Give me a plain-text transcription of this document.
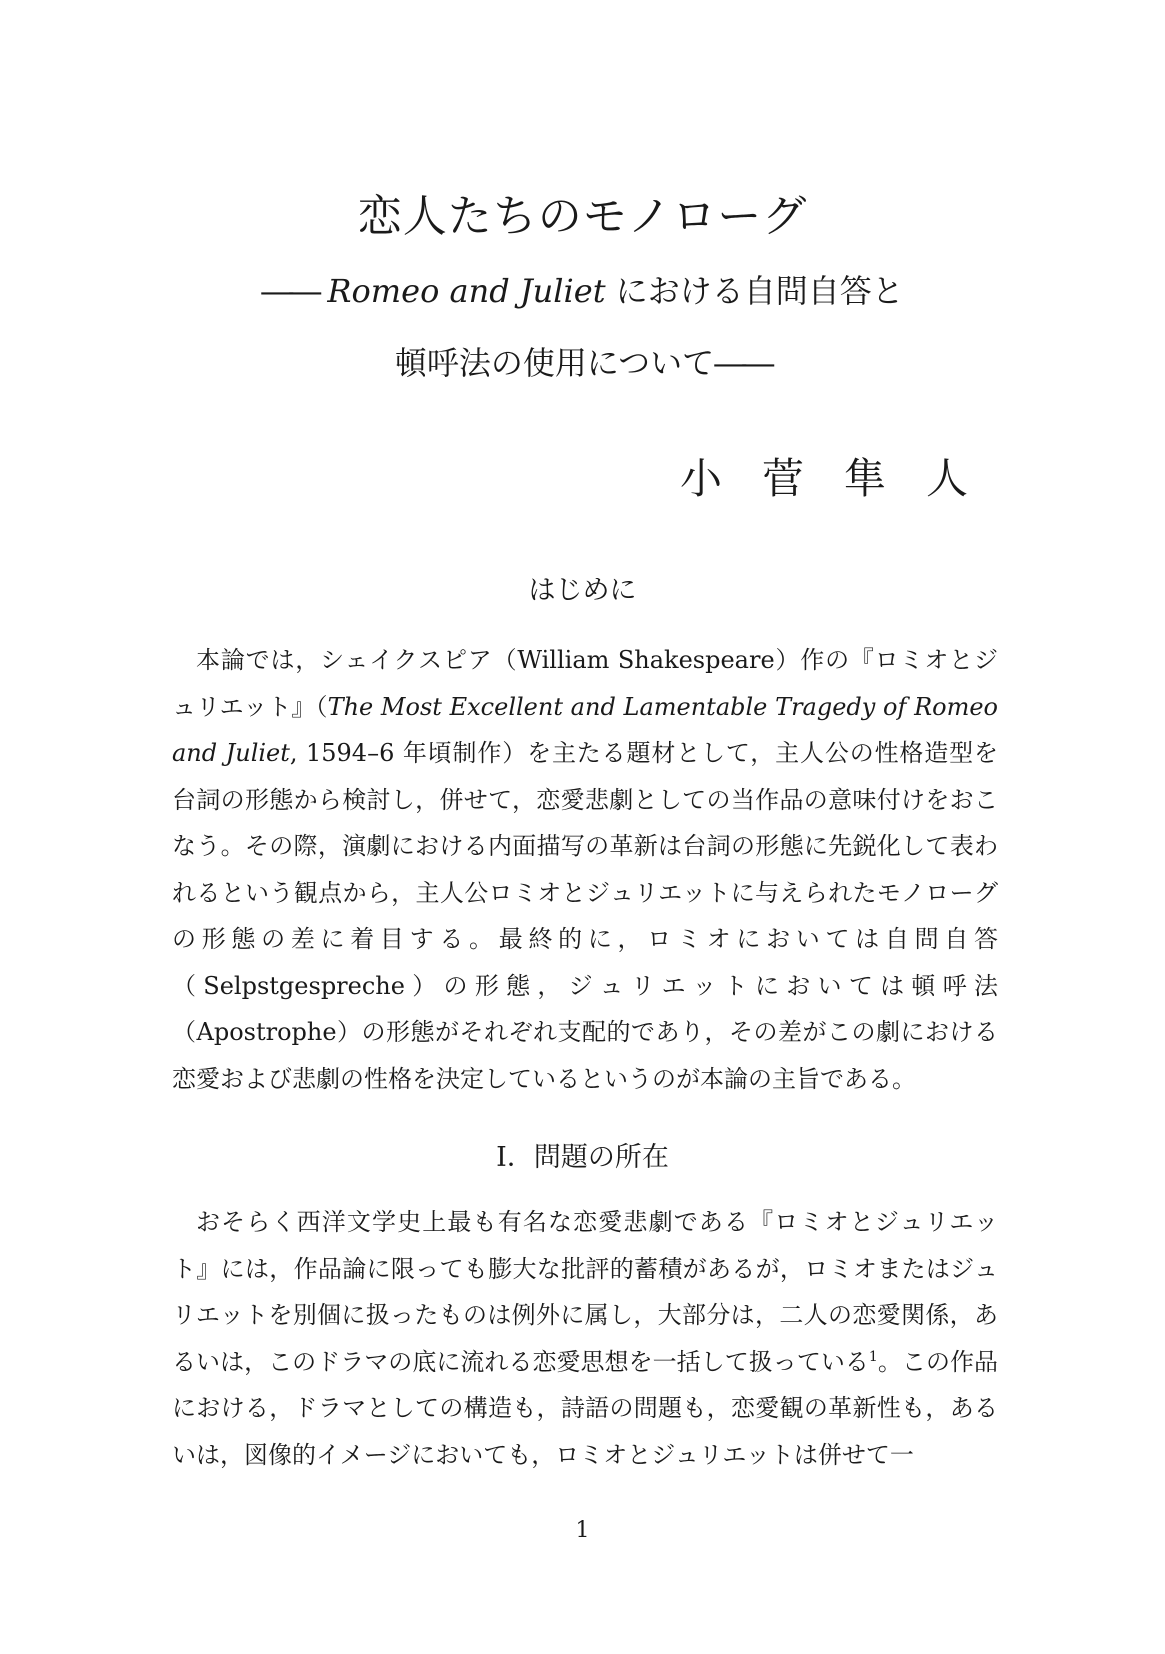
恋人たちのモノローグ

―― Romeo and Juliet における自問自答と

頓呼法の使用について――

小菅隼人
はじめに

本論では，シェイクスピア（William Shakespeare）作の『ロミオとジュリエット』（The Most Excellent and Lamentable Tragedy of Romeo and Juliet, 1594–6 年頃制作）を主たる題材として，主人公の性格造型を台詞の形態から検討し，併せて，恋愛悲劇としての当作品の意味付けをおこなう。その際，演劇における内面描写の革新は台詞の形態に先鋭化して表われるという観点から，主人公ロミオとジュリエットに与えられたモノローグの形態の差に着目する。最終的に，ロミオにおいては自問自答（Selpstgespreche）の形態，ジュリエットにおいては頓呼法（Apostrophe）の形態がそれぞれ支配的であり，その差がこの劇における恋愛および悲劇の性格を決定しているというのが本論の主旨である。

Ⅰ．問題の所在

おそらく西洋文学史上最も有名な恋愛悲劇である『ロミオとジュリエット』には，作品論に限っても膨大な批評的蓄積があるが，ロミオまたはジュリエットを別個に扱ったものは例外に属し，大部分は，二人の恋愛関係，あるいは，このドラマの底に流れる恋愛思想を一括して扱っている$^1$。この作品における，ドラマとしての構造も，詩語の問題も，恋愛観の革新性も，あるいは，図像的イメージにおいても，ロミオとジュリエットは併せて一

1
